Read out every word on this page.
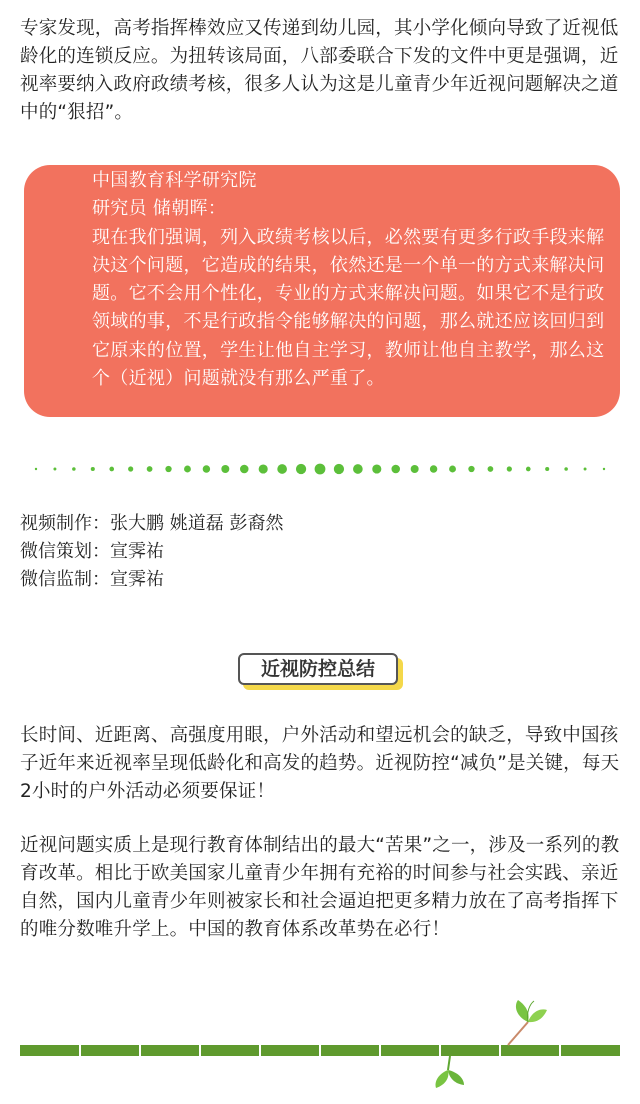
专家发现，高考指挥棒效应又传递到幼儿园，其小学化倾向导致了近视低龄化的连锁反应。为扭转该局面，八部委联合下发的文件中更是强调，近视率要纳入政府政绩考核，很多人认为这是儿童青少年近视问题解决之道中的“狠招”。

中国教育科学研究院
研究员 储朝晖：
现在我们强调，列入政绩考核以后，必然要有更多行政手段来解决这个问题，它造成的结果，依然还是一个单一的方式来解决问题。它不会用个性化，专业的方式来解决问题。如果它不是行政领域的事，不是行政指令能够解决的问题，那么就还应该回归到它原来的位置，学生让他自主学习，教师让他自主教学，那么这个（近视）问题就没有那么严重了。
视频制作：张大鹏 姚道磊 彭裔然
微信策划：宣霁祐
微信监制：宣霁祐
近视防控总结

长时间、近距离、高强度用眼，户外活动和望远机会的缺乏，导致中国孩子近年来近视率呈现低龄化和高发的趋势。近视防控“减负”是关键，每天2小时的户外活动必须要保证！

近视问题实质上是现行教育体制结出的最大“苦果”之一，涉及一系列的教育改革。相比于欧美国家儿童青少年拥有充裕的时间参与社会实践、亲近自然，国内儿童青少年则被家长和社会逼迫把更多精力放在了高考指挥下的唯分数唯升学上。中国的教育体系改革势在必行！
